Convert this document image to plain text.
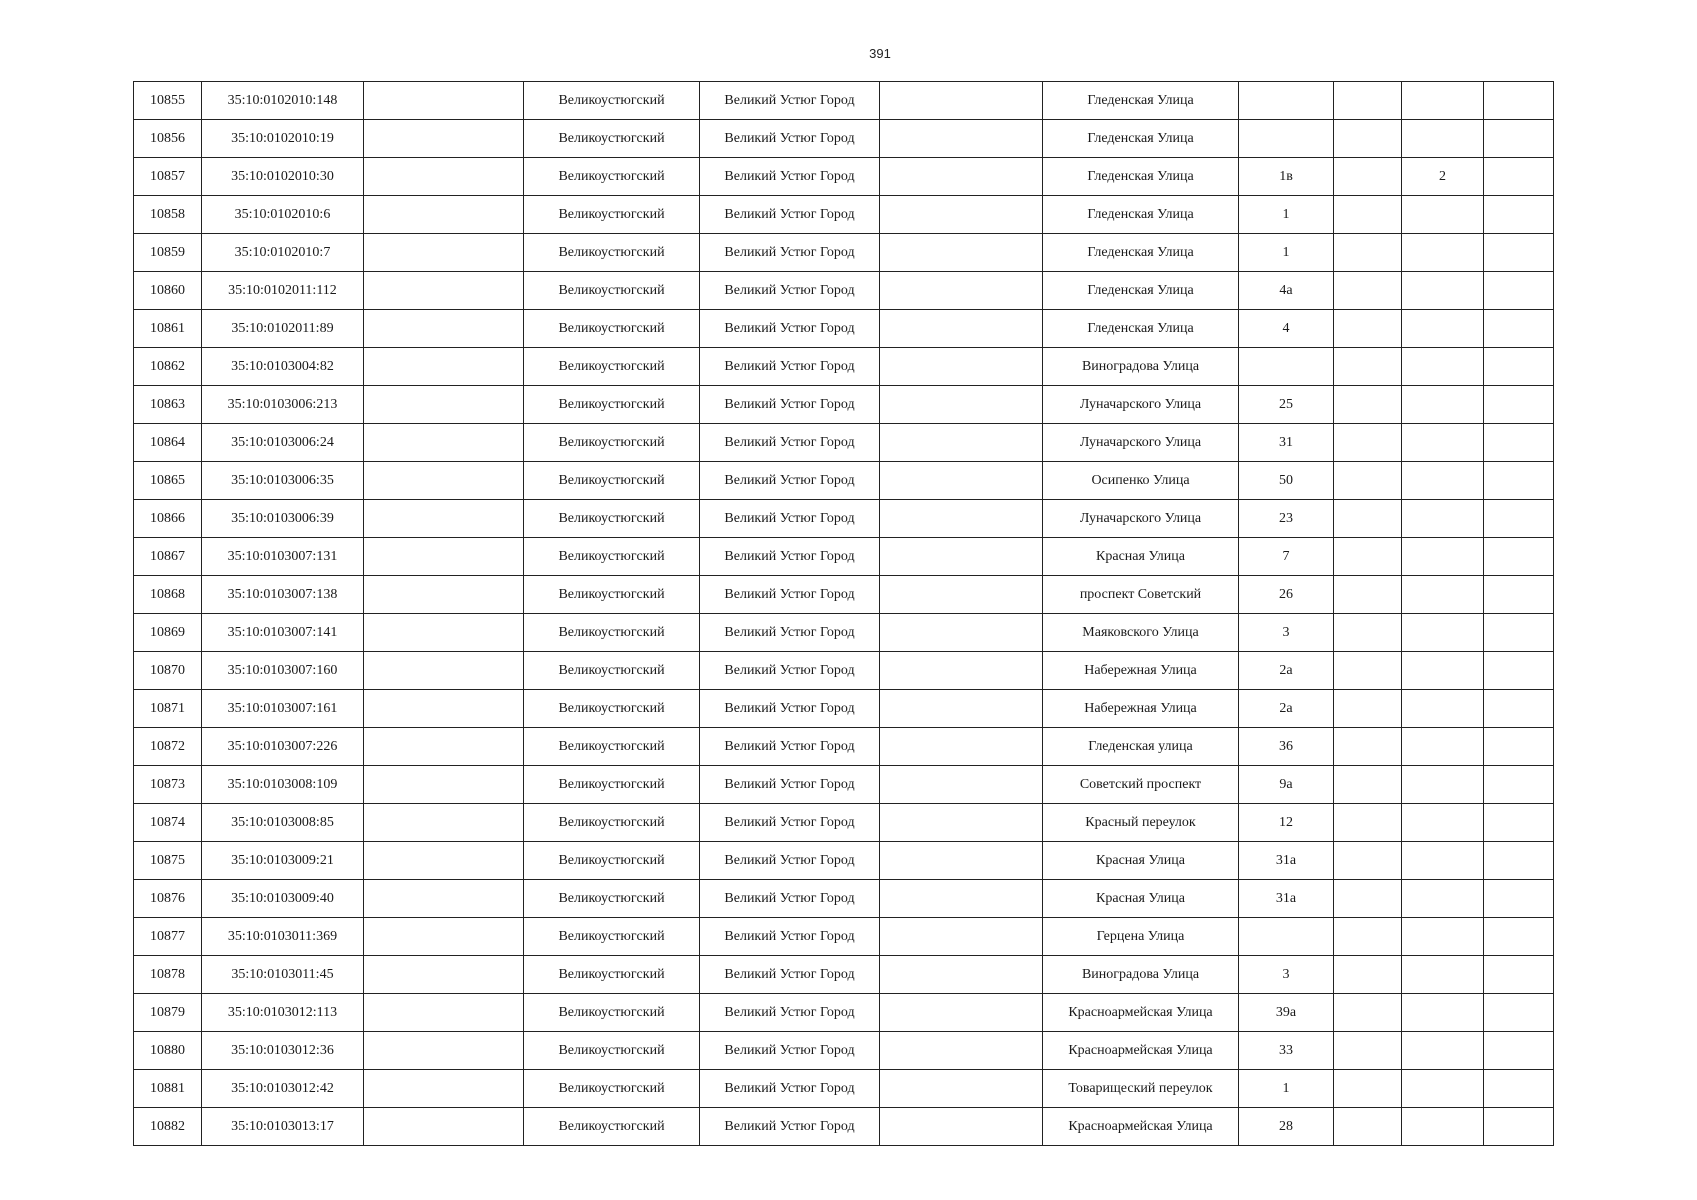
391
10855	35:10:0102010:148		Великоустюгский	Великий Устюг Город		Гледенская Улица				
10856	35:10:0102010:19		Великоустюгский	Великий Устюг Город		Гледенская Улица				
10857	35:10:0102010:30		Великоустюгский	Великий Устюг Город		Гледенская Улица	1в		2	
10858	35:10:0102010:6		Великоустюгский	Великий Устюг Город		Гледенская Улица	1			
10859	35:10:0102010:7		Великоустюгский	Великий Устюг Город		Гледенская Улица	1			
10860	35:10:0102011:112		Великоустюгский	Великий Устюг Город		Гледенская Улица	4а			
10861	35:10:0102011:89		Великоустюгский	Великий Устюг Город		Гледенская Улица	4			
10862	35:10:0103004:82		Великоустюгский	Великий Устюг Город		Виноградова Улица				
10863	35:10:0103006:213		Великоустюгский	Великий Устюг Город		Луначарского Улица	25			
10864	35:10:0103006:24		Великоустюгский	Великий Устюг Город		Луначарского Улица	31			
10865	35:10:0103006:35		Великоустюгский	Великий Устюг Город		Осипенко Улица	50			
10866	35:10:0103006:39		Великоустюгский	Великий Устюг Город		Луначарского Улица	23			
10867	35:10:0103007:131		Великоустюгский	Великий Устюг Город		Красная Улица	7			
10868	35:10:0103007:138		Великоустюгский	Великий Устюг Город		проспект Советский	26			
10869	35:10:0103007:141		Великоустюгский	Великий Устюг Город		Маяковского Улица	3			
10870	35:10:0103007:160		Великоустюгский	Великий Устюг Город		Набережная Улица	2а			
10871	35:10:0103007:161		Великоустюгский	Великий Устюг Город		Набережная Улица	2а			
10872	35:10:0103007:226		Великоустюгский	Великий Устюг Город		Гледенская улица	36			
10873	35:10:0103008:109		Великоустюгский	Великий Устюг Город		Советский проспект	9а			
10874	35:10:0103008:85		Великоустюгский	Великий Устюг Город		Красный переулок	12			
10875	35:10:0103009:21		Великоустюгский	Великий Устюг Город		Красная Улица	31а			
10876	35:10:0103009:40		Великоустюгский	Великий Устюг Город		Красная Улица	31а			
10877	35:10:0103011:369		Великоустюгский	Великий Устюг Город		Герцена Улица				
10878	35:10:0103011:45		Великоустюгский	Великий Устюг Город		Виноградова Улица	3			
10879	35:10:0103012:113		Великоустюгский	Великий Устюг Город		Красноармейская Улица	39а			
10880	35:10:0103012:36		Великоустюгский	Великий Устюг Город		Красноармейская Улица	33			
10881	35:10:0103012:42		Великоустюгский	Великий Устюг Город		Товарищеский переулок	1			
10882	35:10:0103013:17		Великоустюгский	Великий Устюг Город		Красноармейская Улица	28			
